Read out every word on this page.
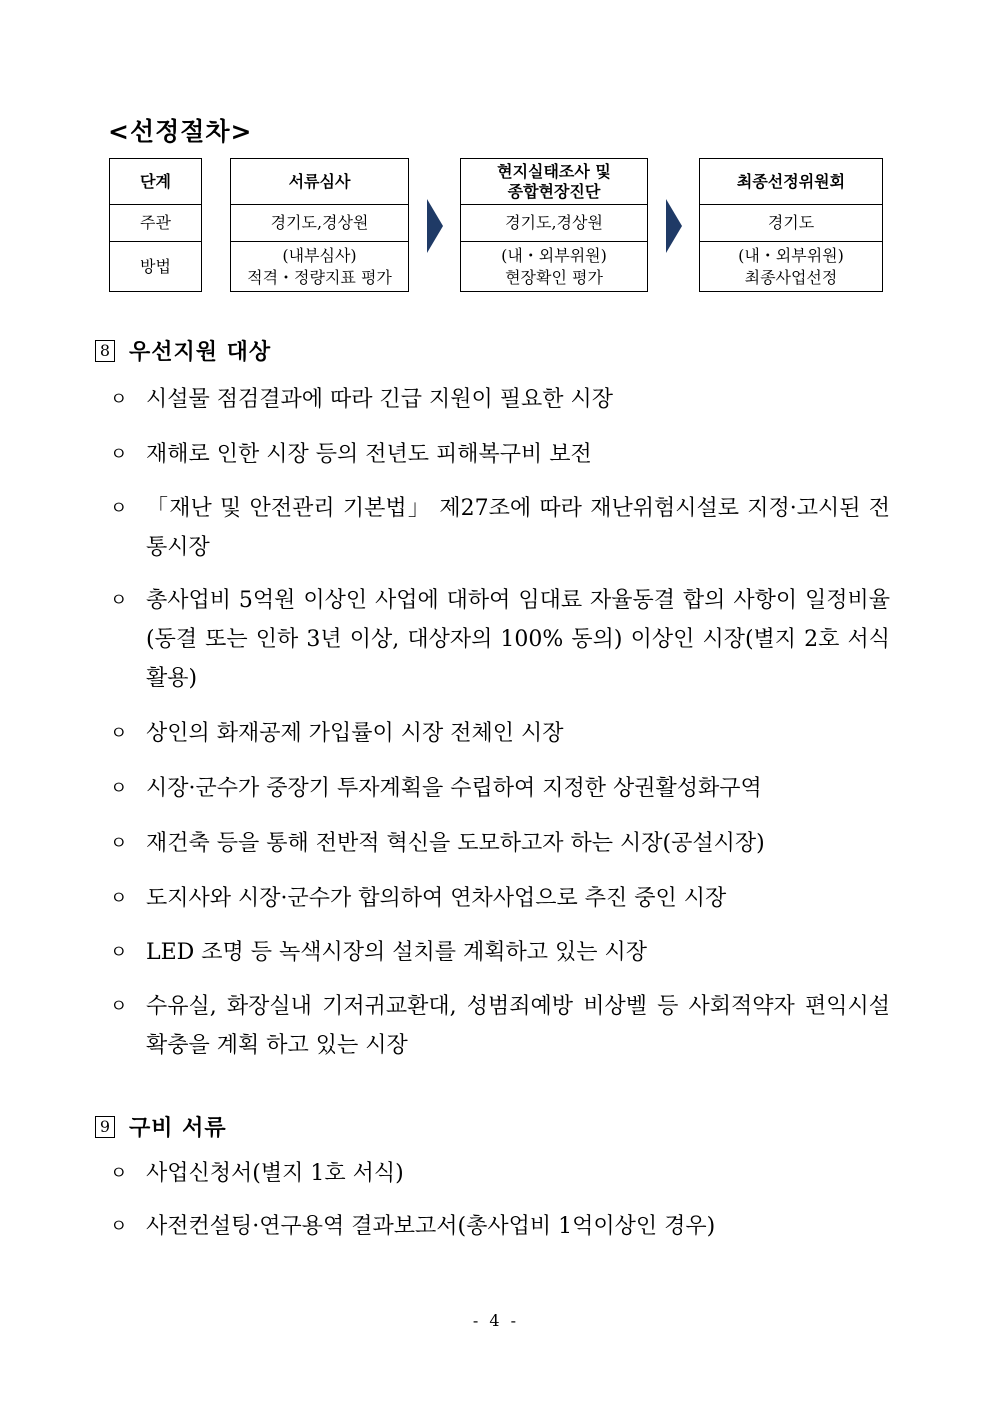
<선정절차>
단계
주관
방법
서류심사
경기도,경상원
(내부심사)
적격・정량지표 평가
현지실태조사 및
종합현장진단
경기도,경상원
(내・외부위원)
현장확인 평가
최종선정위원회
경기도
(내・외부위원)
최종사업선정
8 우선지원 대상
ㅇ 시설물 점검결과에 따라 긴급 지원이 필요한 시장
ㅇ 재해로 인한 시장 등의 전년도 피해복구비 보전
ㅇ 「재난 및 안전관리 기본법」 제27조에 따라 재난위험시설로 지정·고시된 전통시장
ㅇ 총사업비 5억원 이상인 사업에 대하여 임대료 자율동결 합의 사항이 일정비율(동결 또는 인하 3년 이상, 대상자의 100% 동의) 이상인 시장(별지 2호 서식 활용)
ㅇ 상인의 화재공제 가입률이 시장 전체인 시장
ㅇ 시장·군수가 중장기 투자계획을 수립하여 지정한 상권활성화구역
ㅇ 재건축 등을 통해 전반적 혁신을 도모하고자 하는 시장(공설시장)
ㅇ 도지사와 시장·군수가 합의하여 연차사업으로 추진 중인 시장
ㅇ LED 조명 등 녹색시장의 설치를 계획하고 있는 시장
ㅇ 수유실, 화장실내 기저귀교환대, 성범죄예방 비상벨 등 사회적약자 편익시설 확충을 계획 하고 있는 시장
9 구비 서류
ㅇ 사업신청서(별지 1호 서식)
ㅇ 사전컨설팅·연구용역 결과보고서(총사업비 1억이상인 경우)
- 4 -
